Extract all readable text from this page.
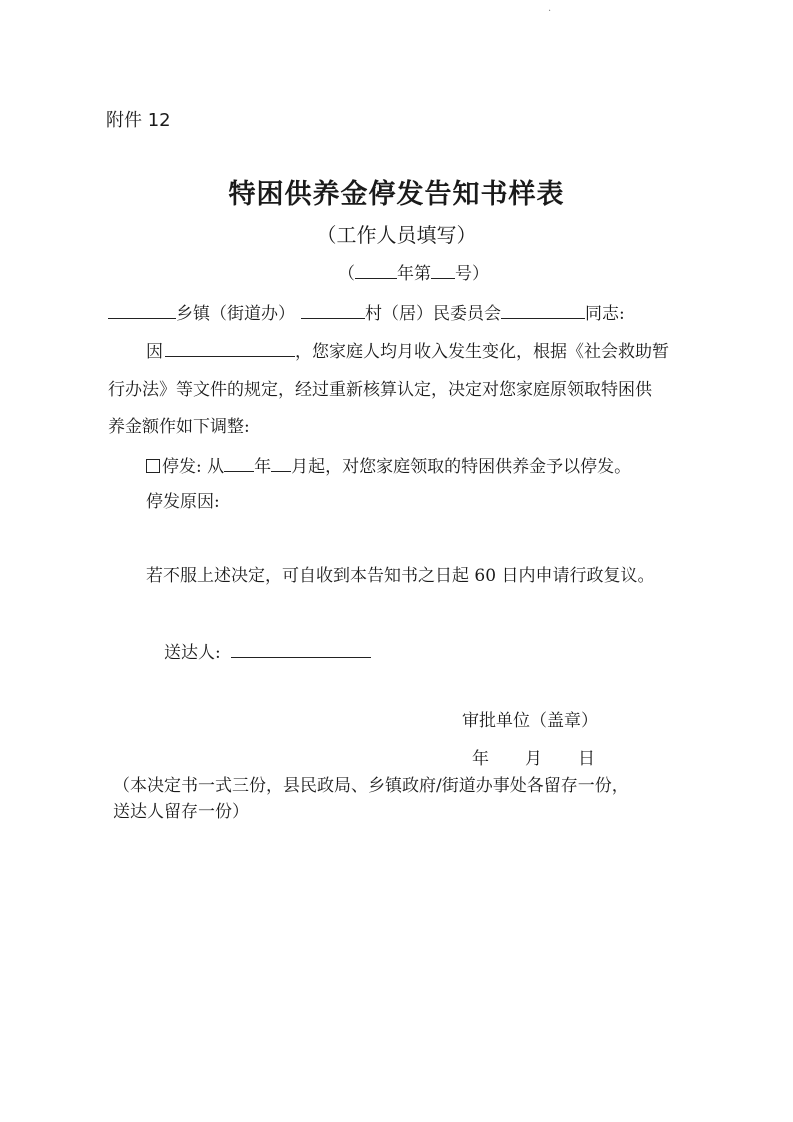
·
附件 12
特困供养金停发告知书样表
（工作人员填写）
（ 年第 号）
乡镇（街道办）	村（居）民委员会	同志:
因	，您家庭人均月收入发生变化，根据《社会救助暂
行办法》等文件的规定，经过重新核算认定，决定对您家庭原领取特困供
养金额作如下调整:
停发: 从 年 月起，对您家庭领取的特困供养金予以停发。
停发原因:
若不服上述决定，可自收到本告知书之日起 60 日内申请行政复议。
送达人:
审批单位（盖章）
年 月 日
（本决定书一式三份，县民政局、乡镇政府/街道办事处各留存一份，
送达人留存一份）
